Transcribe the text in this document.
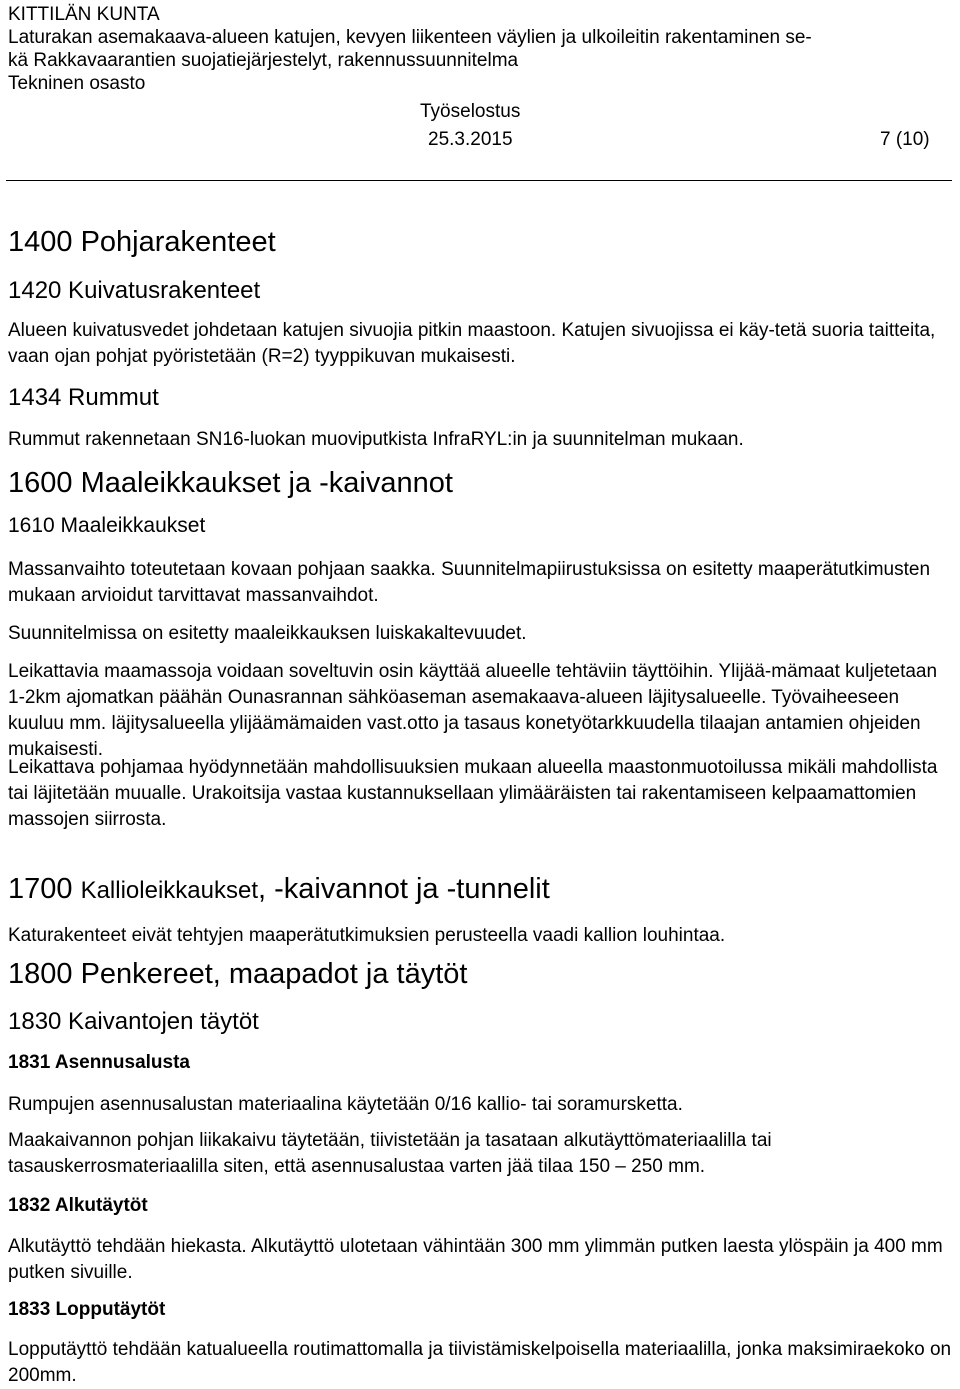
KITTILÄN KUNTA
Laturakan asemakaava-alueen katujen, kevyen liikenteen väylien ja ulkoileitin rakentaminen se-
kä Rakkavaarantien suojatiejärjestelyt, rakennussuunnitelma
Tekninen osasto
Työselostus
25.3.2015	7 (10)
1400 Pohjarakenteet
1420 Kuivatusrakenteet
Alueen kuivatusvedet johdetaan katujen sivuojia pitkin maastoon. Katujen sivuojissa ei käy-tetä suoria taitteita, vaan ojan pohjat pyöristetään (R=2) tyyppikuvan mukaisesti.
1434 Rummut
Rummut rakennetaan SN16-luokan muoviputkista InfraRYL:in ja suunnitelman mukaan.
1600 Maaleikkaukset ja -kaivannot
1610 Maaleikkaukset
Massanvaihto toteutetaan kovaan pohjaan saakka. Suunnitelmapiirustuksissa on esitetty maaperätutkimusten mukaan arvioidut tarvittavat massanvaihdot.
Suunnitelmissa on esitetty maaleikkauksen luiskakaltevuudet.
Leikattavia maamassoja voidaan soveltuvin osin käyttää alueelle tehtäviin täyttöihin. Ylijää-mämaat kuljetetaan 1-2km ajomatkan päähän Ounasrannan sähköaseman asemakaava-alueen läjitysalueelle. Työvaiheeseen kuuluu mm. läjitysalueella ylijäämämaiden vast.otto ja tasaus konetyötarkkuudella tilaajan antamien ohjeiden mukaisesti.
Leikattava pohjamaa hyödynnetään mahdollisuuksien mukaan alueella maastonmuotoilussa mikäli mahdollista tai läjitetään muualle. Urakoitsija vastaa kustannuksellaan ylimääräisten tai rakentamiseen kelpaamattomien massojen siirrosta.
1700 Kallioleikkaukset, -kaivannot ja -tunnelit
Katurakenteet eivät tehtyjen maaperätutkimuksien perusteella vaadi kallion louhintaa.
1800 Penkereet, maapadot ja täytöt
1830 Kaivantojen täytöt
1831 Asennusalusta
Rumpujen asennusalustan materiaalina käytetään 0/16 kallio- tai soramursketta.
Maakaivannon pohjan liikakaivu täytetään, tiivistetään ja tasataan alkutäyttömateriaalilla tai tasauskerrosmateriaalilla siten, että asennusalustaa varten jää tilaa 150 – 250 mm.
1832 Alkutäytöt
Alkutäyttö tehdään hiekasta. Alkutäyttö ulotetaan vähintään 300 mm ylimmän putken laesta ylöspäin ja 400 mm putken sivuille.
1833 Lopputäytöt
Lopputäyttö tehdään katualueella routimattomalla ja tiivistämiskelpoisella materiaalilla, jonka maksimiraekoko on 200mm.
